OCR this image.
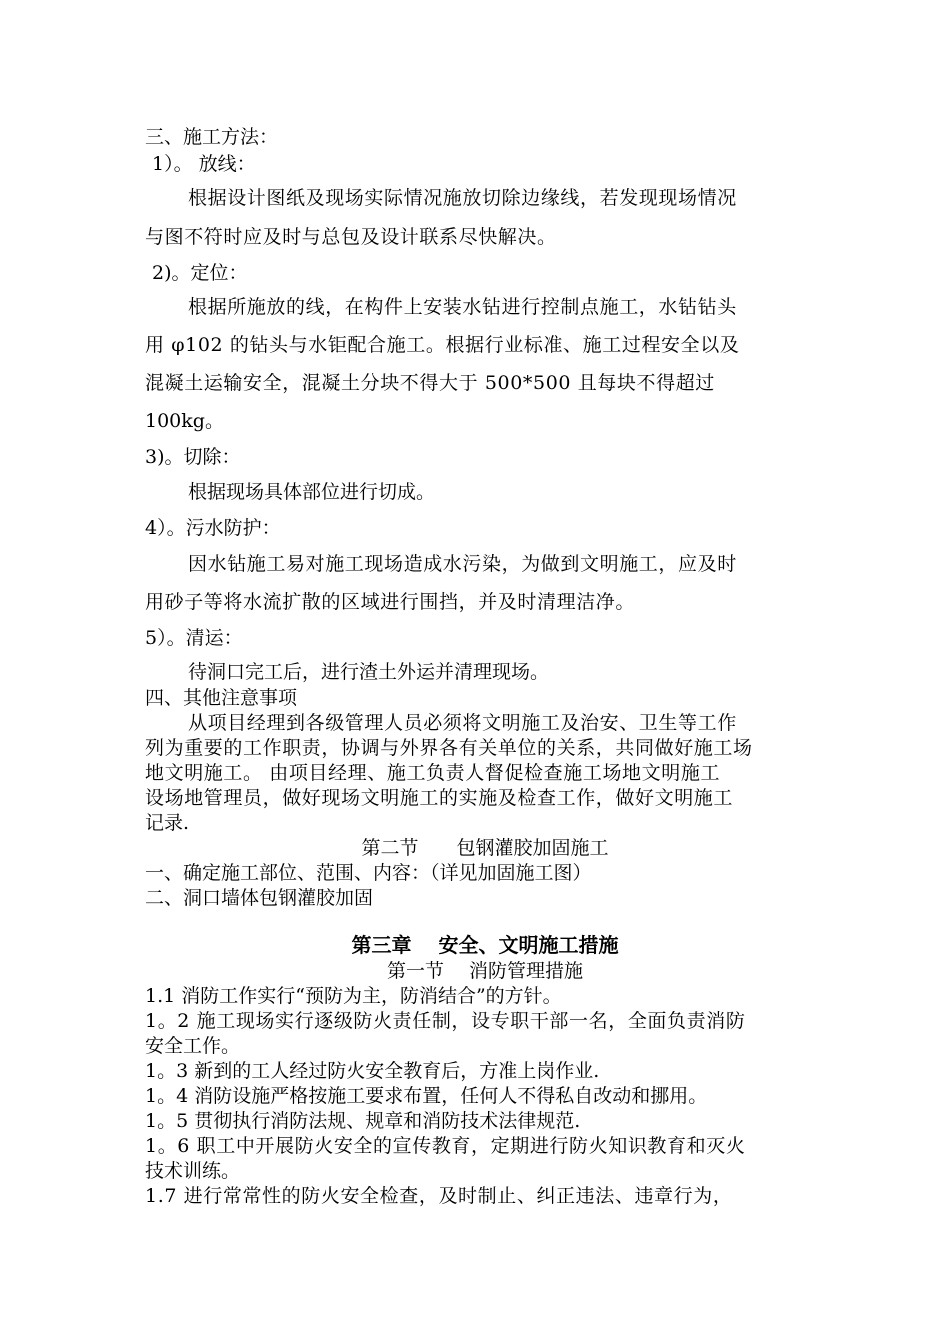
三、施工方法：
1）。 放线：
根据设计图纸及现场实际情况施放切除边缘线，若发现现场情况
与图不符时应及时与总包及设计联系尽快解决。
2)。定位：
根据所施放的线，在构件上安装水钻进行控制点施工，水钻钻头
用 φ102 的钻头与水钜配合施工。根据行业标准、施工过程安全以及
混凝土运输安全，混凝土分块不得大于 500*500 且每块不得超过
100kg。
3)。切除：
根据现场具体部位进行切成。
4）。污水防护：
因水钻施工易对施工现场造成水污染，为做到文明施工，应及时
用砂子等将水流扩散的区域进行围挡，并及时清理洁净。
5）。清运：
待洞口完工后，进行渣土外运并清理现场。
四、其他注意事项
从项目经理到各级管理人员必须将文明施工及治安、卫生等工作
列为重要的工作职责，协调与外界各有关单位的关系，共同做好施工场
地文明施工。 由项目经理、施工负责人督促检查施工场地文明施工
设场地管理员，做好现场文明施工的实施及检查工作，做好文明施工
记录.
第二节　　包钢灌胶加固施工
一、确定施工部位、范围、内容：（详见加固施工图）
二、洞口墙体包钢灌胶加固
第三章　 安全、文明施工措施
第一节　 消防管理措施
1.1 消防工作实行“预防为主，防消结合”的方针。
1。2 施工现场实行逐级防火责任制，设专职干部一名，全面负责消防
安全工作。
1。3 新到的工人经过防火安全教育后，方准上岗作业.
1。4 消防设施严格按施工要求布置，任何人不得私自改动和挪用。
1。5 贯彻执行消防法规、规章和消防技术法律规范.
1。6 职工中开展防火安全的宣传教育，定期进行防火知识教育和灭火
技术训练。
1.7 进行常常性的防火安全检查，及时制止、纠正违法、违章行为，
